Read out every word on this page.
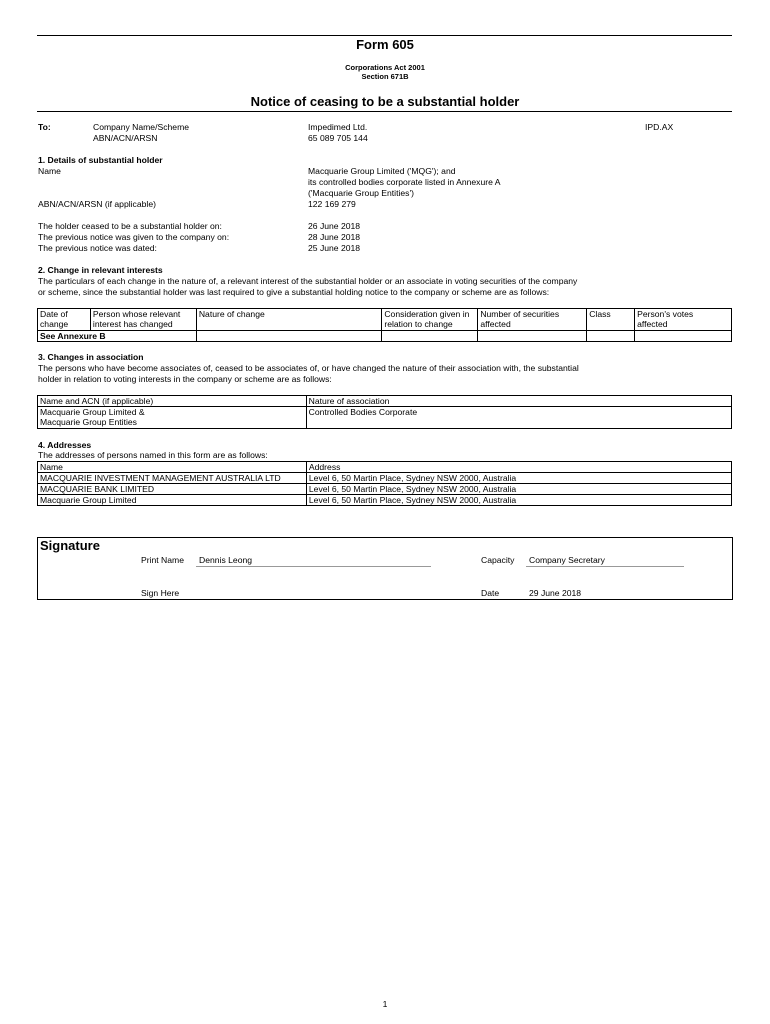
Form 605
Corporations Act 2001
Section 671B
Notice of ceasing to be a substantial holder
To:	Company Name/Scheme
ABN/ACN/ARSN
Impedimed Ltd.
65 089 705 144
IPD.AX
1. Details of substantial holder
Name	Macquarie Group Limited ('MQG'); and
its controlled bodies corporate listed in Annexure A
('Macquarie Group Entities')
ABN/ACN/ARSN (if applicable)	122 169 279
The holder ceased to be a substantial holder on:	26 June 2018
The previous notice was given to the company on:	28 June 2018
The previous notice was dated:	25 June 2018
2. Change in relevant interests
The particulars of each change in the nature of, a relevant interest of the substantial holder or an associate in voting securities of the company
or scheme, since the substantial holder was last required to give a substantial holding notice to the company or scheme are as follows:
Date of
change	Person whose relevant
interest has changed	Nature of change	Consideration given in
relation to change	Number of securities
affected	Class	Person's votes
affected
See Annexure B						
3. Changes in association
The persons who have become associates of, ceased to be associates of, or have changed the nature of their association with, the substantial
holder in relation to voting interests in the company or scheme are as follows:
Name and ACN (if applicable)	Nature of association
Macquarie Group Limited &
Macquarie Group Entities	Controlled Bodies Corporate
4. Addresses
The addresses of persons named in this form are as follows:
Name	Address
MACQUARIE INVESTMENT MANAGEMENT AUSTRALIA LTD	Level 6, 50 Martin Place, Sydney NSW 2000, Australia
MACQUARIE BANK LIMITED	Level 6, 50 Martin Place, Sydney NSW 2000, Australia
Macquarie Group Limited	Level 6, 50 Martin Place, Sydney NSW 2000, Australia
Signature
Print Name Dennis Leong	Capacity Company Secretary
Sign Here	Date	29 June 2018
1
